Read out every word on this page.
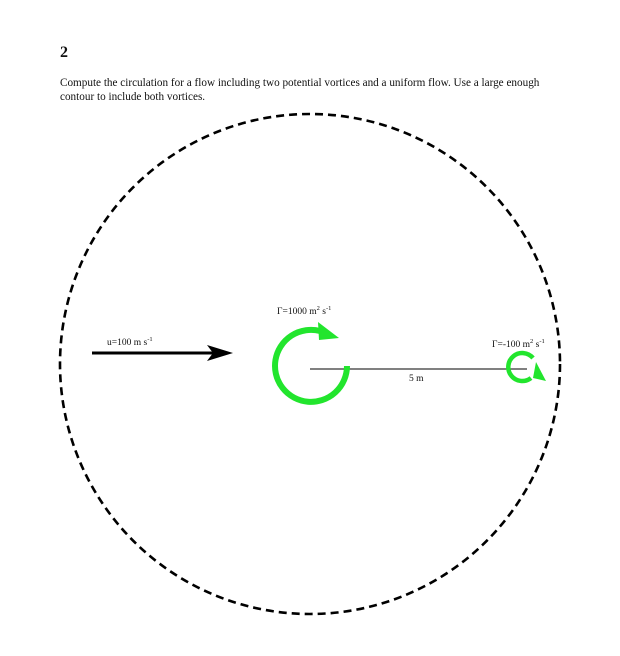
2
Compute the circulation for a flow including two potential vortices and a uniform flow. Use a large enough contour to include both vortices.
u=100 m $s^{-1}$
5 m
Γ=1000 $m^2$ $s^{-1}$
Γ=-100 $m^2$ $s^{-1}$
